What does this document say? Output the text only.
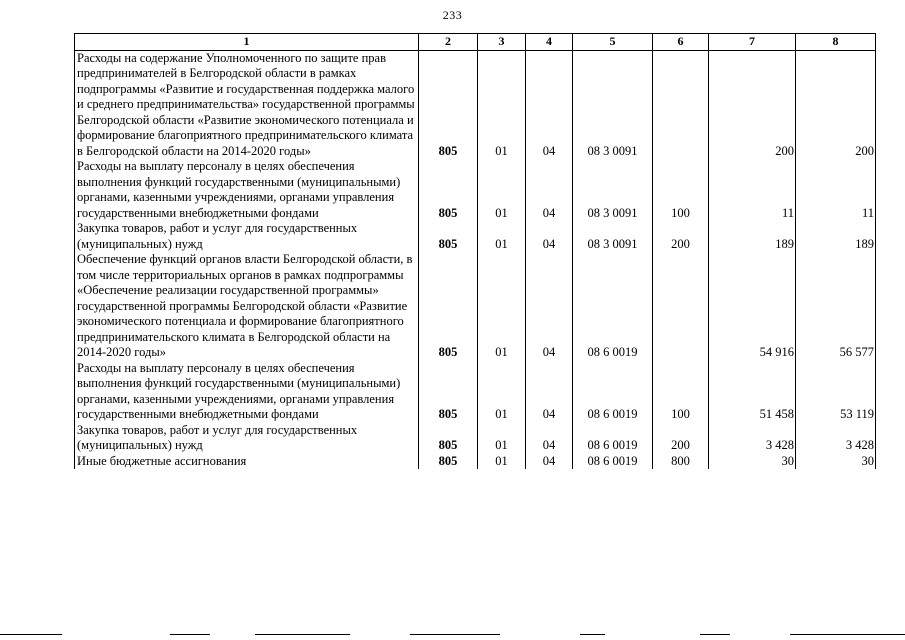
233
1	2	3	4	5	6	7	8
Расходы на содержание Уполномоченного по защите прав предпринимателей в Белгородской области в рамках подпрограммы «Развитие и государственная поддержка малого и среднего предпринимательства» государственной программы Белгородской области «Развитие экономического потенциала и формирование благоприятного предпринимательского климата в Белгородской области на 2014-2020 годы»	805	01	04	08 3 0091		200	200
Расходы на выплату персоналу в целях обеспечения выполнения функций государственными (муниципальными) органами, казенными учреждениями, органами управления государственными внебюджетными фондами	805	01	04	08 3 0091	100	11	11
Закупка товаров, работ и услуг для государственных (муниципальных) нужд	805	01	04	08 3 0091	200	189	189
Обеспечение функций органов власти Белгородской области, в том числе территориальных органов в рамках подпрограммы «Обеспечение реализации государственной программы» государственной программы Белгородской области «Развитие экономического потенциала и формирование благоприятного предпринимательского климата в Белгородской области на 2014-2020 годы»	805	01	04	08 6 0019		54 916	56 577
Расходы на выплату персоналу в целях обеспечения выполнения функций государственными (муниципальными) органами, казенными учреждениями, органами управления государственными внебюджетными фондами	805	01	04	08 6 0019	100	51 458	53 119
Закупка товаров, работ и услуг для государственных (муниципальных) нужд	805	01	04	08 6 0019	200	3 428	3 428
Иные бюджетные ассигнования	805	01	04	08 6 0019	800	30	30
